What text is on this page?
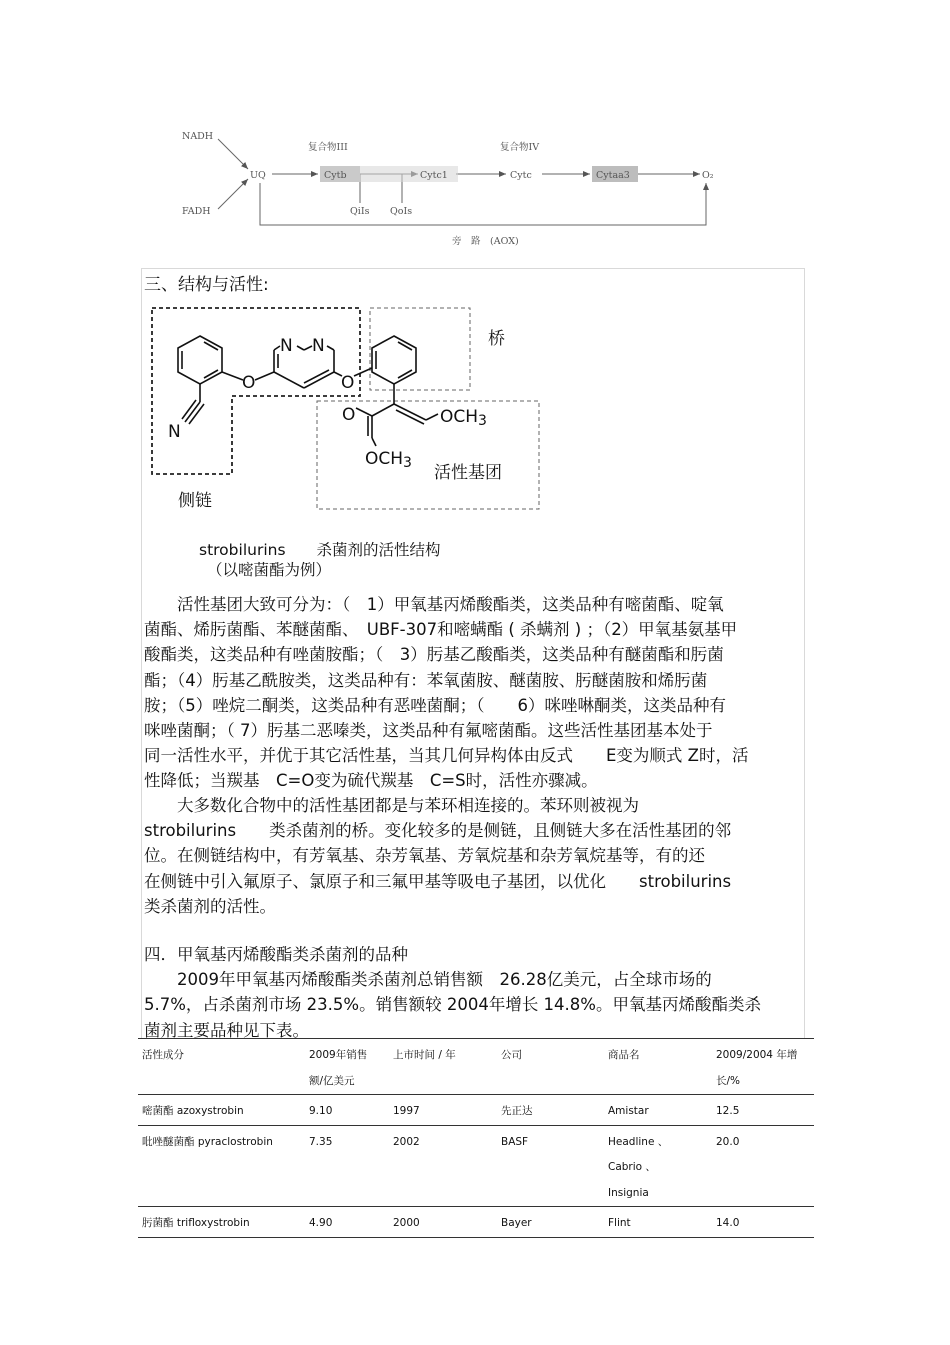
NADH
FADH
UQ
复合物III	复合物IV
Cytb	Cytc1	Cytc	Cytaa3	O₂
QiIs QoIs
旁　路　(AOX)
三、结构与活性:
N N
O	O
N
O	OCH3
OCH3
桥
活性基团
侧链
strobilurins　　杀菌剂的活性结构
（以嘧菌酯为例）
　　活性基团大致可分为：（　1）甲氧基丙烯酸酯类，这类品种有嘧菌酯、啶氧
菌酯、烯肟菌酯、苯醚菌酯、　UBF-307和嘧螨酯 ( 杀螨剂 ) ；（2）甲氧基氨基甲
酸酯类，这类品种有唑菌胺酯；（　3）肟基乙酸酯类，这类品种有醚菌酯和肟菌
酯；（4）肟基乙酰胺类，这类品种有：苯氧菌胺、醚菌胺、肟醚菌胺和烯肟菌
胺；（5）唑烷二酮类，这类品种有恶唑菌酮；（　　6）咪唑啉酮类，这类品种有
咪唑菌酮；（ 7）肟基二恶嗪类，这类品种有氟嘧菌酯。这些活性基团基本处于
同一活性水平，并优于其它活性基，当其几何异构体由反式　　E变为顺式 Z时，活
性降低；当羰基　C=O变为硫代羰基　C=S时，活性亦骤减。
　　大多数化合物中的活性基团都是与苯环相连接的。苯环则被视为
strobilurins　　类杀菌剂的桥。变化较多的是侧链，且侧链大多在活性基团的邻
位。在侧链结构中，有芳氧基、杂芳氧基、芳氧烷基和杂芳氧烷基等，有的还
在侧链中引入氟原子、氯原子和三氟甲基等吸电子基团，以优化　　strobilurins
类杀菌剂的活性。
四．甲氧基丙烯酸酯类杀菌剂的品种
　　2009年甲氧基丙烯酸酯类杀菌剂总销售额　26.28亿美元，占全球市场的
5.7%，占杀菌剂市场 23.5%。销售额较 2004年增长 14.8%。甲氧基丙烯酸酯类杀
菌剂主要品种见下表。
活性成分	2009年销售
额/亿美元	上市时间 / 年	公司	商品名	2009/2004 年增
长/%
嘧菌酯 azoxystrobin	9.10	1997	先正达	Amistar	12.5
吡唑醚菌酯 pyraclostrobin	7.35	2002	BASF	Headline 、
Cabrio 、
Insignia	20.0
肟菌酯 trifloxystrobin	4.90	2000	Bayer	Flint	14.0
